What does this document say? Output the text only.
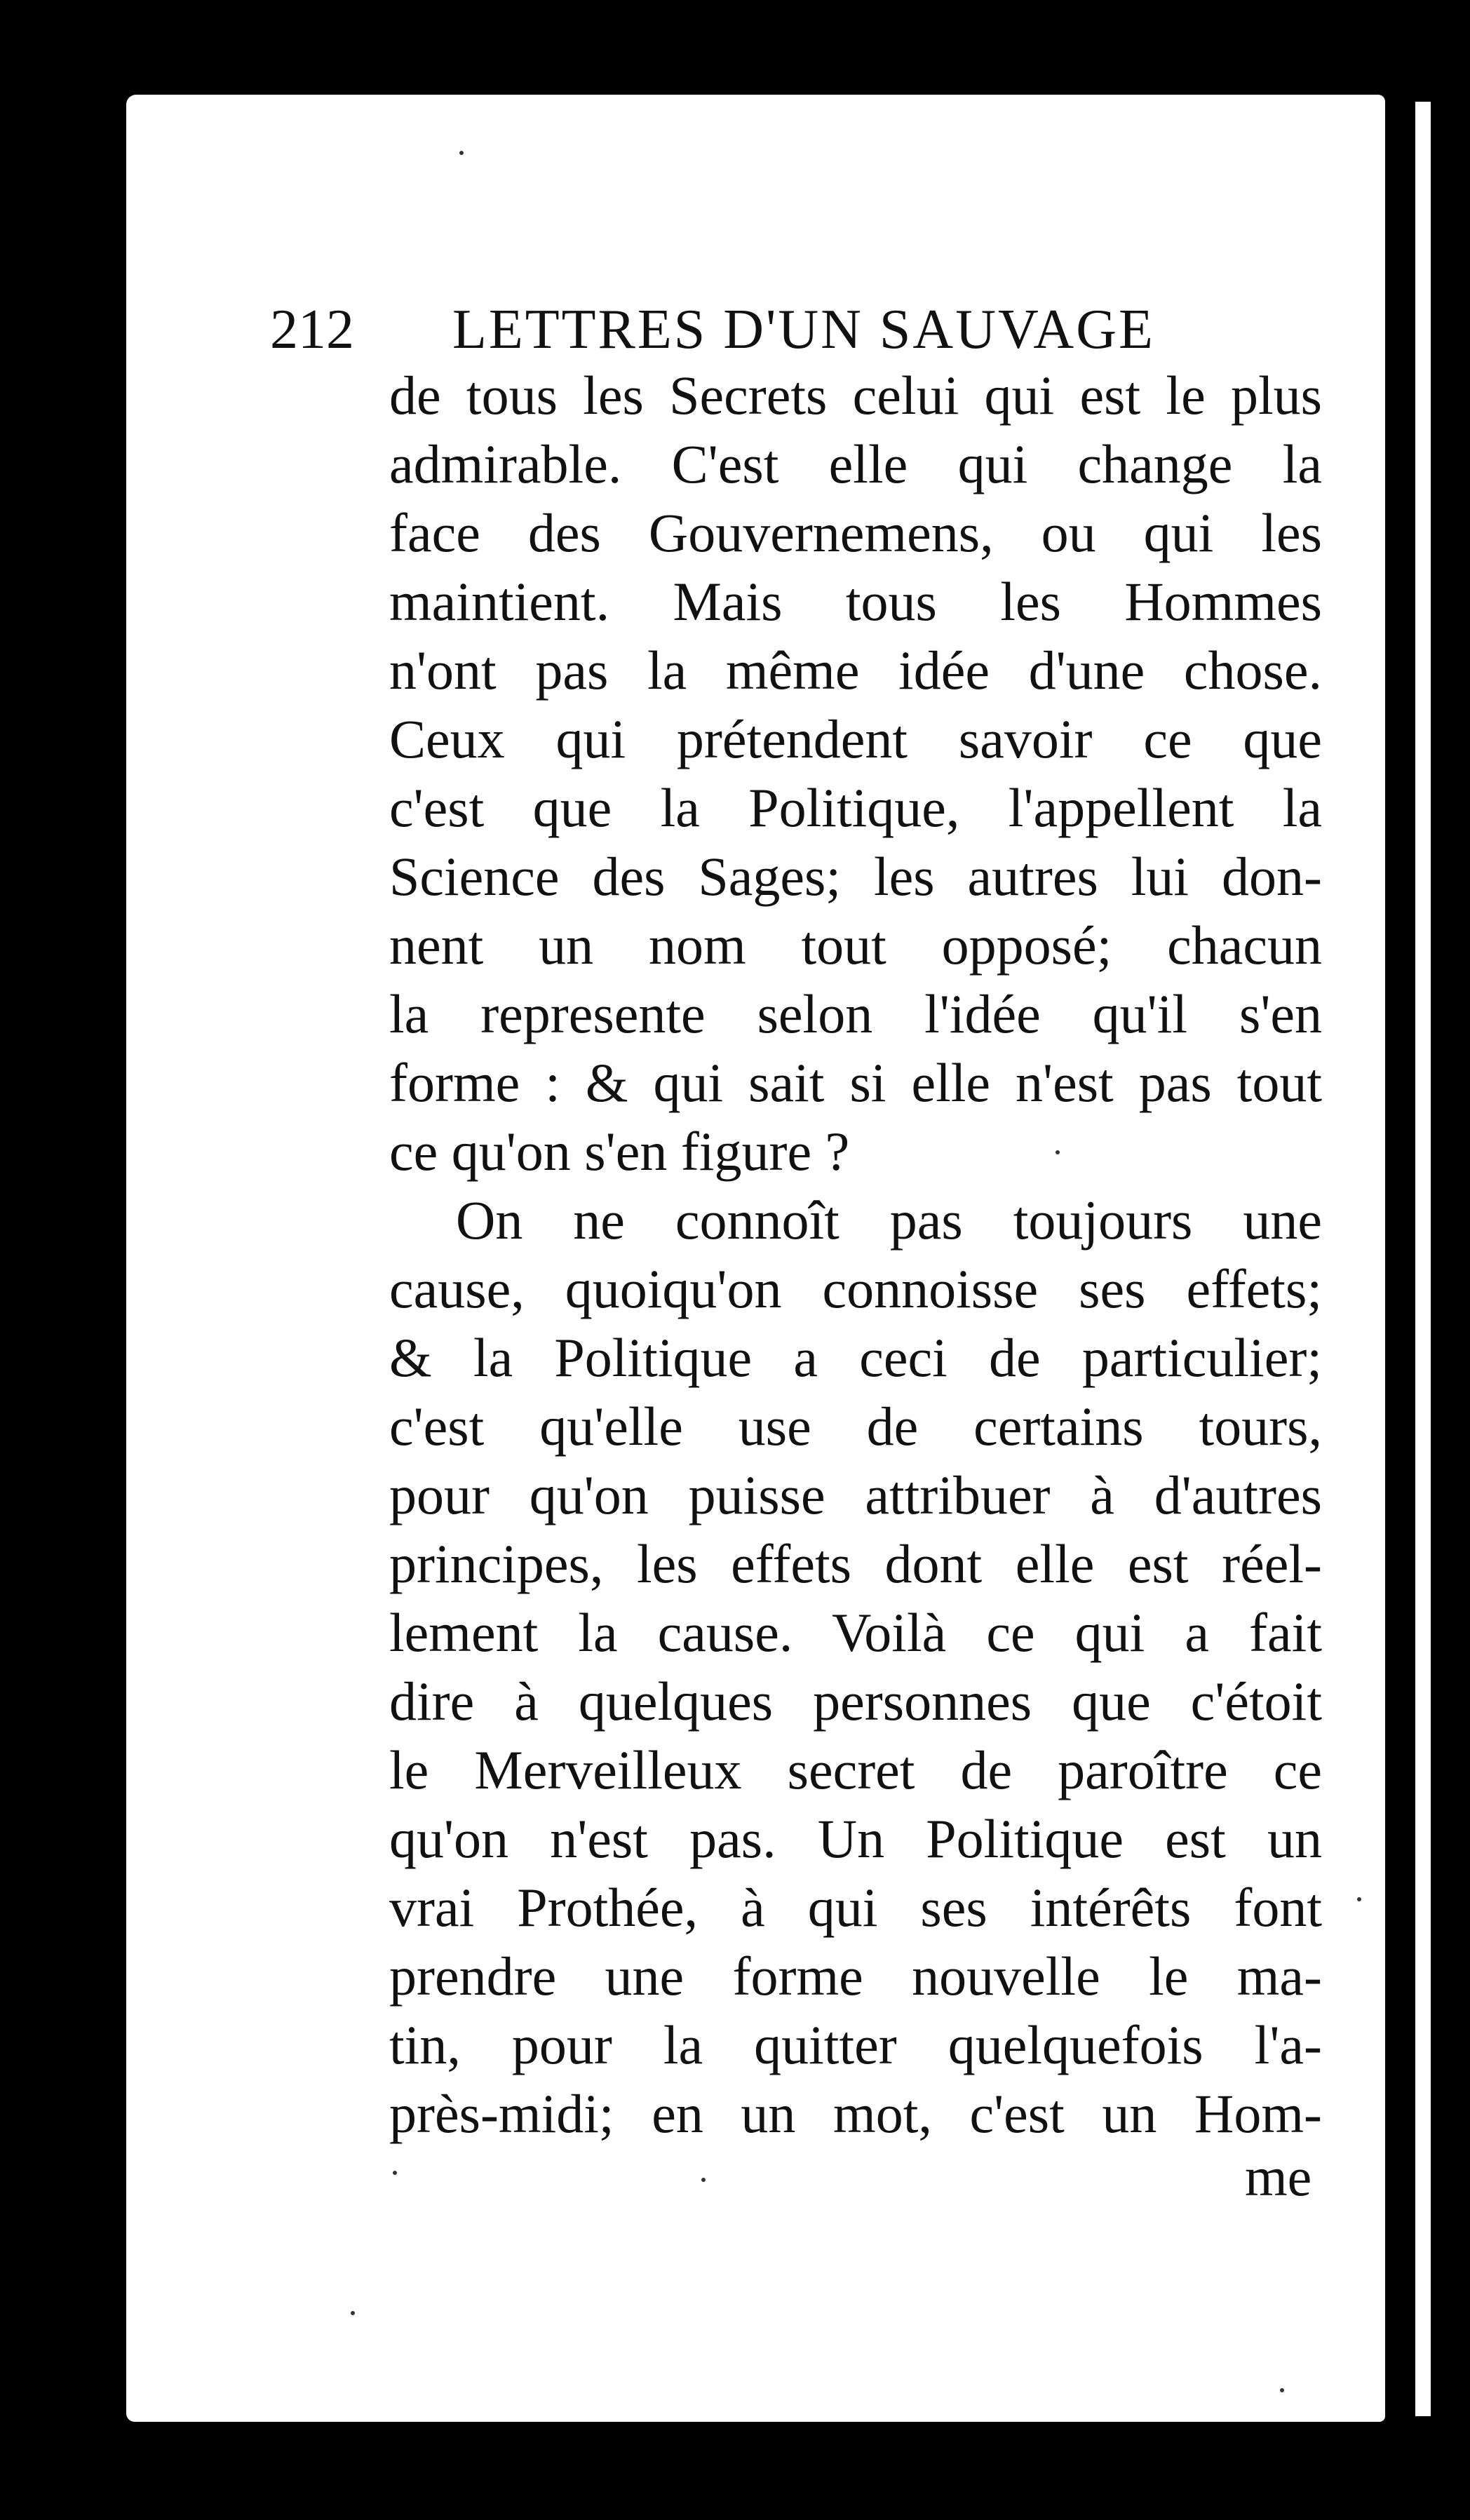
212 LETTRES D'UN SAUVAGE
de tous les Secrets celui qui est le plus
admirable. C'est elle qui change la
face des Gouvernemens, ou qui les
maintient. Mais tous les Hommes
n'ont pas la même idée d'une chose.
Ceux qui prétendent savoir ce que
c'est que la Politique, l'appellent la
Science des Sages; les autres lui don-
nent un nom tout opposé; chacun
la represente selon l'idée qu'il s'en
forme : & qui sait si elle n'est pas tout
ce qu'on s'en figure ?
On ne connoît pas toujours une
cause, quoiqu'on connoisse ses effets;
& la Politique a ceci de particulier;
c'est qu'elle use de certains tours,
pour qu'on puisse attribuer à d'autres
principes, les effets dont elle est réel-
lement la cause. Voilà ce qui a fait
dire à quelques personnes que c'étoit
le Merveilleux secret de paroître ce
qu'on n'est pas. Un Politique est un
vrai Prothée, à qui ses intérêts font
prendre une forme nouvelle le ma-
tin, pour la quitter quelquefois l'a-
près-midi; en un mot, c'est un Hom-
me
